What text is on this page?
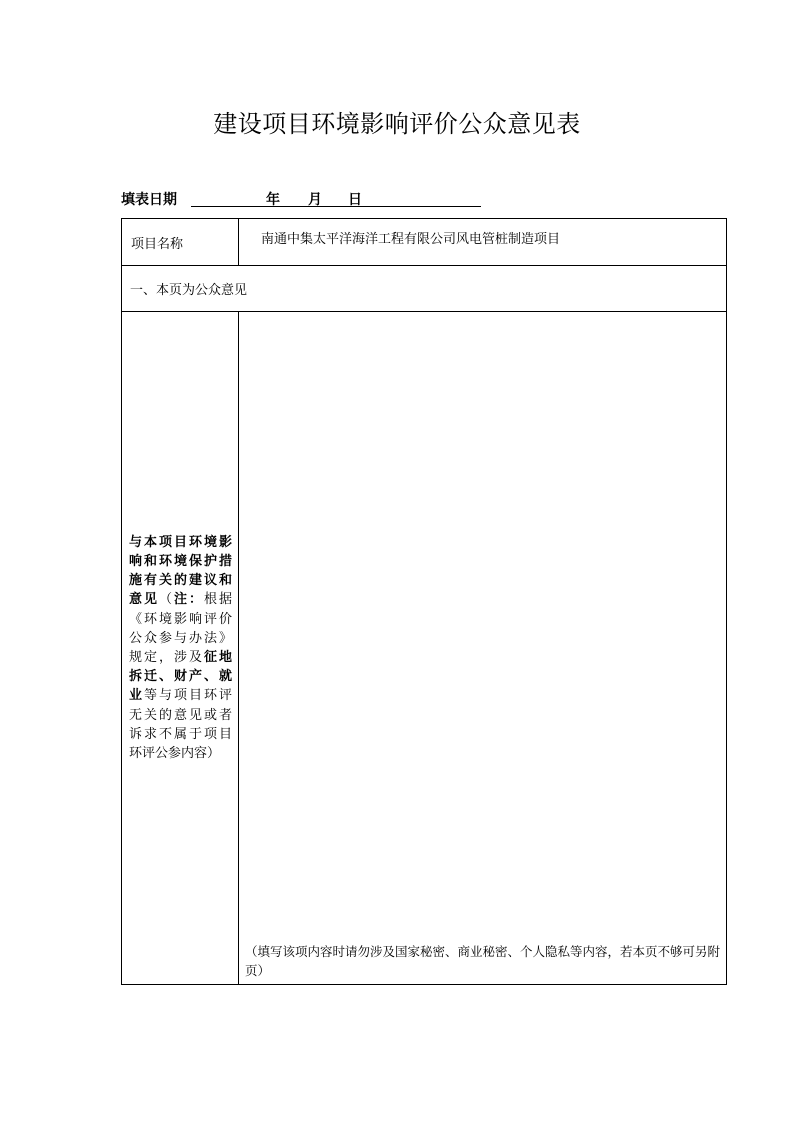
建设项目环境影响评价公众意见表
填表日期	年 月 日
项目名称	南通中集太平洋海洋工程有限公司风电管桩制造项目

一、本页为公众意见	
与本项目环境影响和环境保护措施有关的建议和意见（注：根据《环境影响评价公众参与办法》规定，涉及征地拆迁、财产、就业等与项目环评无关的意见或者诉求不属于项目环评公参内容）	（填写该项内容时请勿涉及国家秘密、商业秘密、个人隐私等内容，若本页不够可另附页）
